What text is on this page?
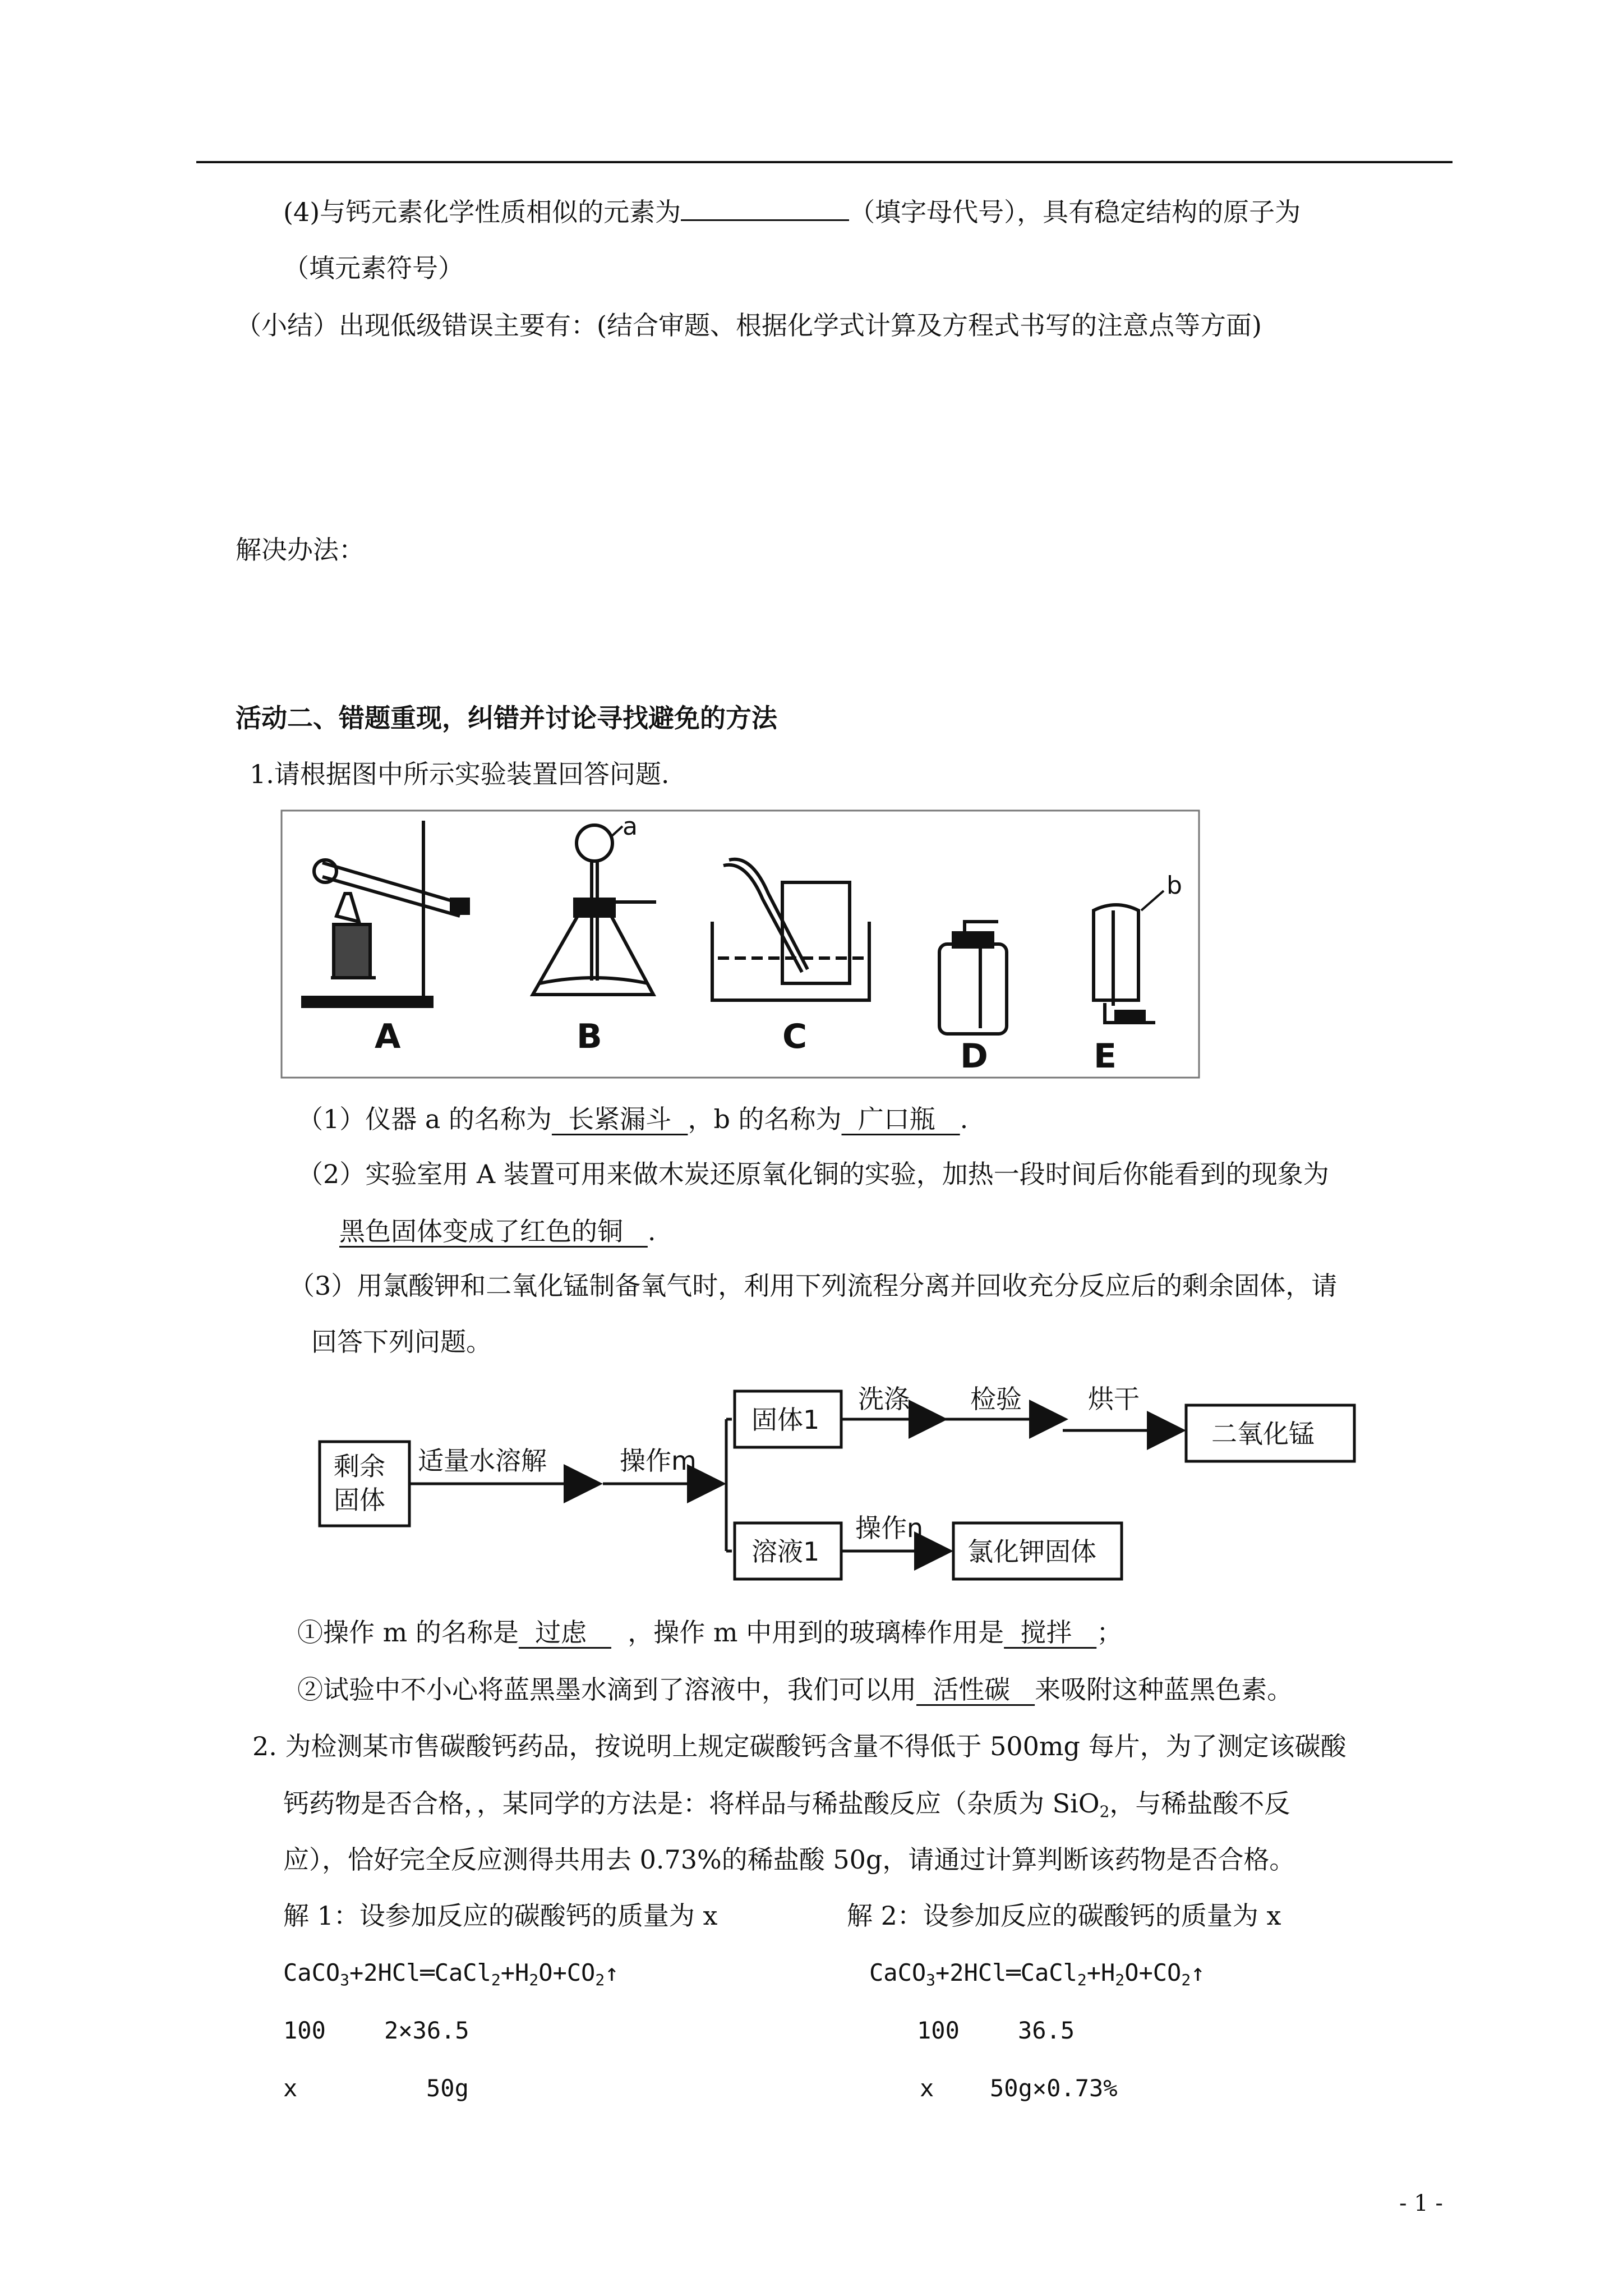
(4)与钙元素化学性质相似的元素为	（填字母代号），具有稳定结构的原子为
（填元素符号）
（小结）出现低级错误主要有：(结合审题、根据化学式计算及方程式书写的注意点等方面)
解决办法：
活动二、错题重现，纠错并讨论寻找避免的方法
1.请根据图中所示实验装置回答问题.
A
a
B	C	D
b
E
（1）仪器 a 的名称为  长紧漏斗  ，b 的名称为  广口瓶   .
（2）实验室用 A 装置可用来做木炭还原氧化铜的实验，加热一段时间后你能看到的现象为
黑色固体变成了红色的铜   .
（3）用氯酸钾和二氧化锰制备氧气时，利用下列流程分离并回收充分反应后的剩余固体，请
回答下列问题。
剩余
固体
适量水溶解	操作m
固体1
洗涤 检验	烘干
二氧化锰
溶液1
操作n
氯化钾固体
①操作 m 的名称是  过虑     ，操作 m 中用到的玻璃棒作用是  搅拌   ；
②试验中不小心将蓝黑墨水滴到了溶液中，我们可以用  活性碳   来吸附这种蓝黑色素。
2. 为检测某市售碳酸钙药品，按说明上规定碳酸钙含量不得低于 500mg 每片，为了测定该碳酸
钙药物是否合格，，某同学的方法是：将样品与稀盐酸反应（杂质为 SiO$_2$，与稀盐酸不反
应），恰好完全反应测得共用去 0.73%的稀盐酸 50g，请通过计算判断该药物是否合格。
解 1：设参加反应的碳酸钙的质量为 x
$CaCO_3+2HCl═CaCl_2+H_2O+CO_2↑$
100 2×36.5
x	50g
解 2：设参加反应的碳酸钙的质量为 x
$CaCO_3+2HCl═CaCl_2+H_2O+CO_2↑$
100 36.5
x 50g×0.73%
- 1 -
